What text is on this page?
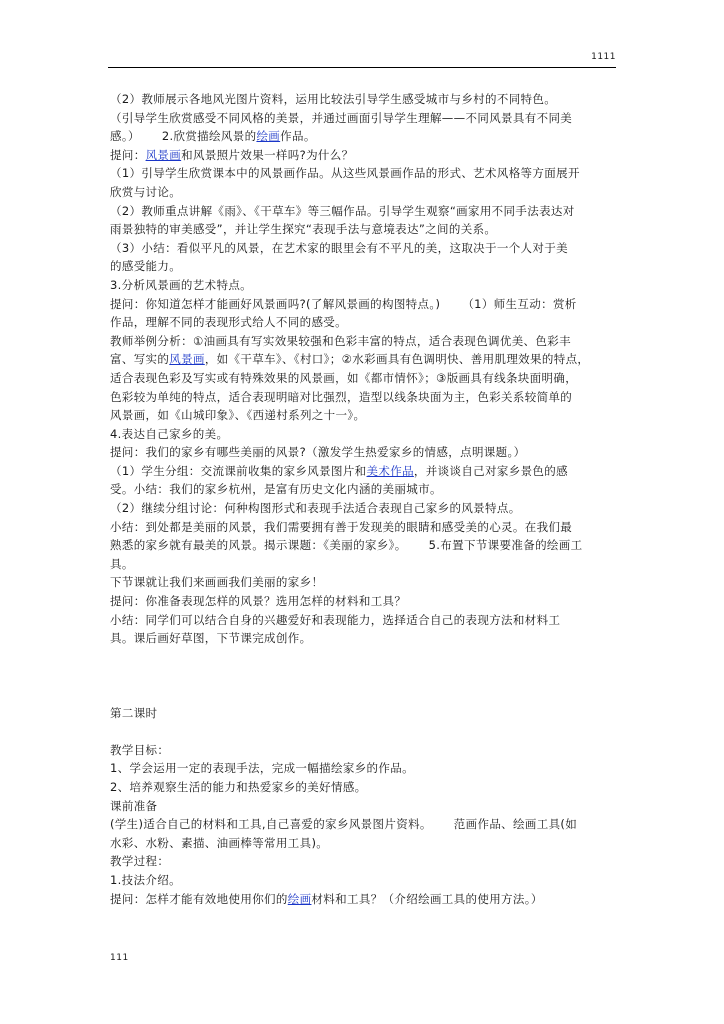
1111

（2）教师展示各地风光图片资料，运用比较法引导学生感受城市与乡村的不同特色。

（引导学生欣赏感受不同风格的美景，并通过画面引导学生理解——不同风景具有不同美

感。） 2.欣赏描绘风景的绘画作品。

提问：风景画和风景照片效果一样吗?为什么？

（1）引导学生欣赏课本中的风景画作品。从这些风景画作品的形式、艺术风格等方面展开

欣赏与讨论。

（2）教师重点讲解《雨》、《干草车》等三幅作品。引导学生观察“画家用不同手法表达对

雨景独特的审美感受”，并让学生探究“表现手法与意境表达”之间的关系。

（3）小结：看似平凡的风景，在艺术家的眼里会有不平凡的美，这取决于一个人对于美

的感受能力。

3.分析风景画的艺术特点。

提问：你知道怎样才能画好风景画吗?(了解风景画的构图特点。) （1）师生互动：赏析

作品，理解不同的表现形式给人不同的感受。

教师举例分析：①油画具有写实效果较强和色彩丰富的特点，适合表现色调优美、色彩丰

富、写实的风景画，如《干草车》、《村口》；②水彩画具有色调明快、善用肌理效果的特点，

适合表现色彩及写实或有特殊效果的风景画，如《都市情怀》；③版画具有线条块面明确，

色彩较为单纯的特点，适合表现明暗对比强烈，造型以线条块面为主，色彩关系较简单的

风景画，如《山城印象》、《西递村系列之十一》。

4.表达自己家乡的美。

提问：我们的家乡有哪些美丽的风景?（激发学生热爱家乡的情感，点明课题。）

（1）学生分组：交流课前收集的家乡风景图片和美术作品，并谈谈自己对家乡景色的感

受。小结：我们的家乡杭州，是富有历史文化内涵的美丽城市。

（2）继续分组讨论：何种构图形式和表现手法适合表现自己家乡的风景特点。

小结：到处都是美丽的风景，我们需要拥有善于发现美的眼睛和感受美的心灵。在我们最

熟悉的家乡就有最美的风景。揭示课题：《美丽的家乡》。 5.布置下节课要准备的绘画工

具。

下节课就让我们来画画我们美丽的家乡！

提问：你准备表现怎样的风景？选用怎样的材料和工具？

小结：同学们可以结合自身的兴趣爱好和表现能力，选择适合自己的表现方法和材料工

具。课后画好草图，下节课完成创作。

第二课时

教学目标：

1、学会运用一定的表现手法，完成一幅描绘家乡的作品。

2、培养观察生活的能力和热爱家乡的美好情感。

课前准备

(学生)适合自己的材料和工具,自己喜爱的家乡风景图片资料。 范画作品、绘画工具(如

水彩、水粉、素描、油画棒等常用工具)。

教学过程：

1.技法介绍。

提问：怎样才能有效地使用你们的绘画材料和工具？（介绍绘画工具的使用方法。）

111
